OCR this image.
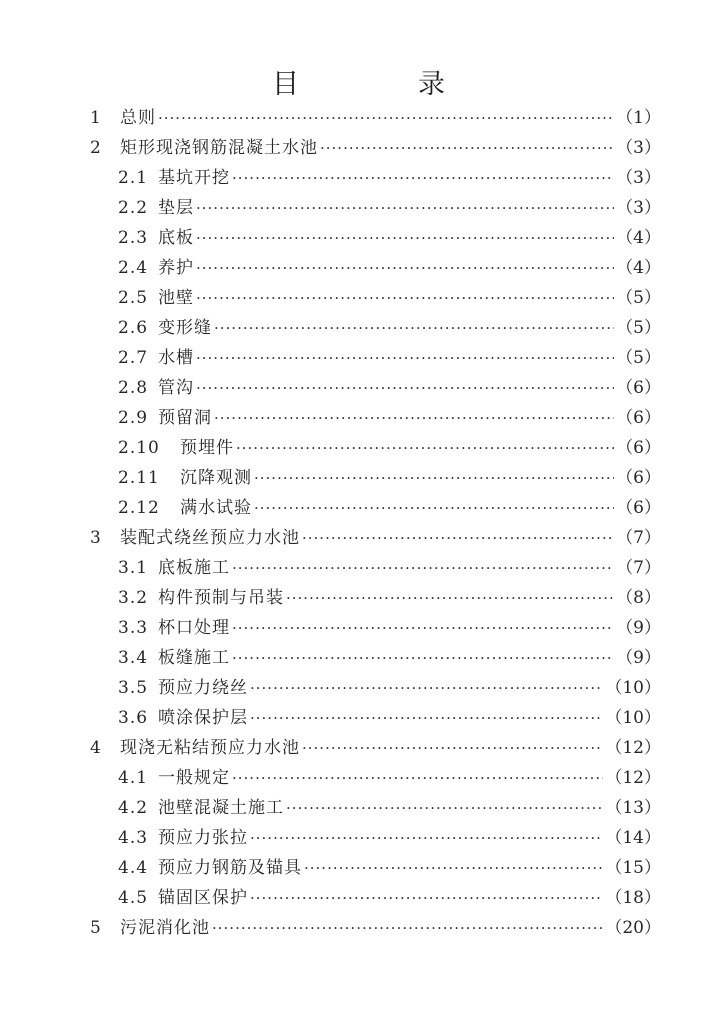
目　录
1	总则 ·····	（1）
2	矩形现浇钢筋混凝土水池 ·····	（3）
2.1 基坑开挖 ·····	（3）
2.2 垫层 ·····	（3）
2.3 底板 ·····	（4）
2.4 养护 ·····	（4）
2.5 池壁 ·····	（5）
2.6 变形缝 ·····	（5）
2.7 水槽 ·····	（5）
2.8 管沟 ·····	（6）
2.9 预留洞 ·····	（6）
2.10	预埋件 ·····	（6）
2.11	沉降观测 ·····	（6）
2.12	满水试验 ·····	（6）
3	装配式绕丝预应力水池 ·····	（7）
3.1 底板施工 ·····	（7）
3.2 构件预制与吊装 ·····	（8）
3.3 杯口处理 ·····	（9）
3.4 板缝施工 ·····	（9）
3.5 预应力绕丝 ·····	（10）
3.6 喷涂保护层 ·····	（10）
4	现浇无粘结预应力水池 ·····	（12）
4.1 一般规定 ·····	（12）
4.2 池壁混凝土施工 ·····	（13）
4.3 预应力张拉 ·····	（14）
4.4 预应力钢筋及锚具 ·····	（15）
4.5 锚固区保护 ·····	（18）
5	污泥消化池 ·····	（20）
